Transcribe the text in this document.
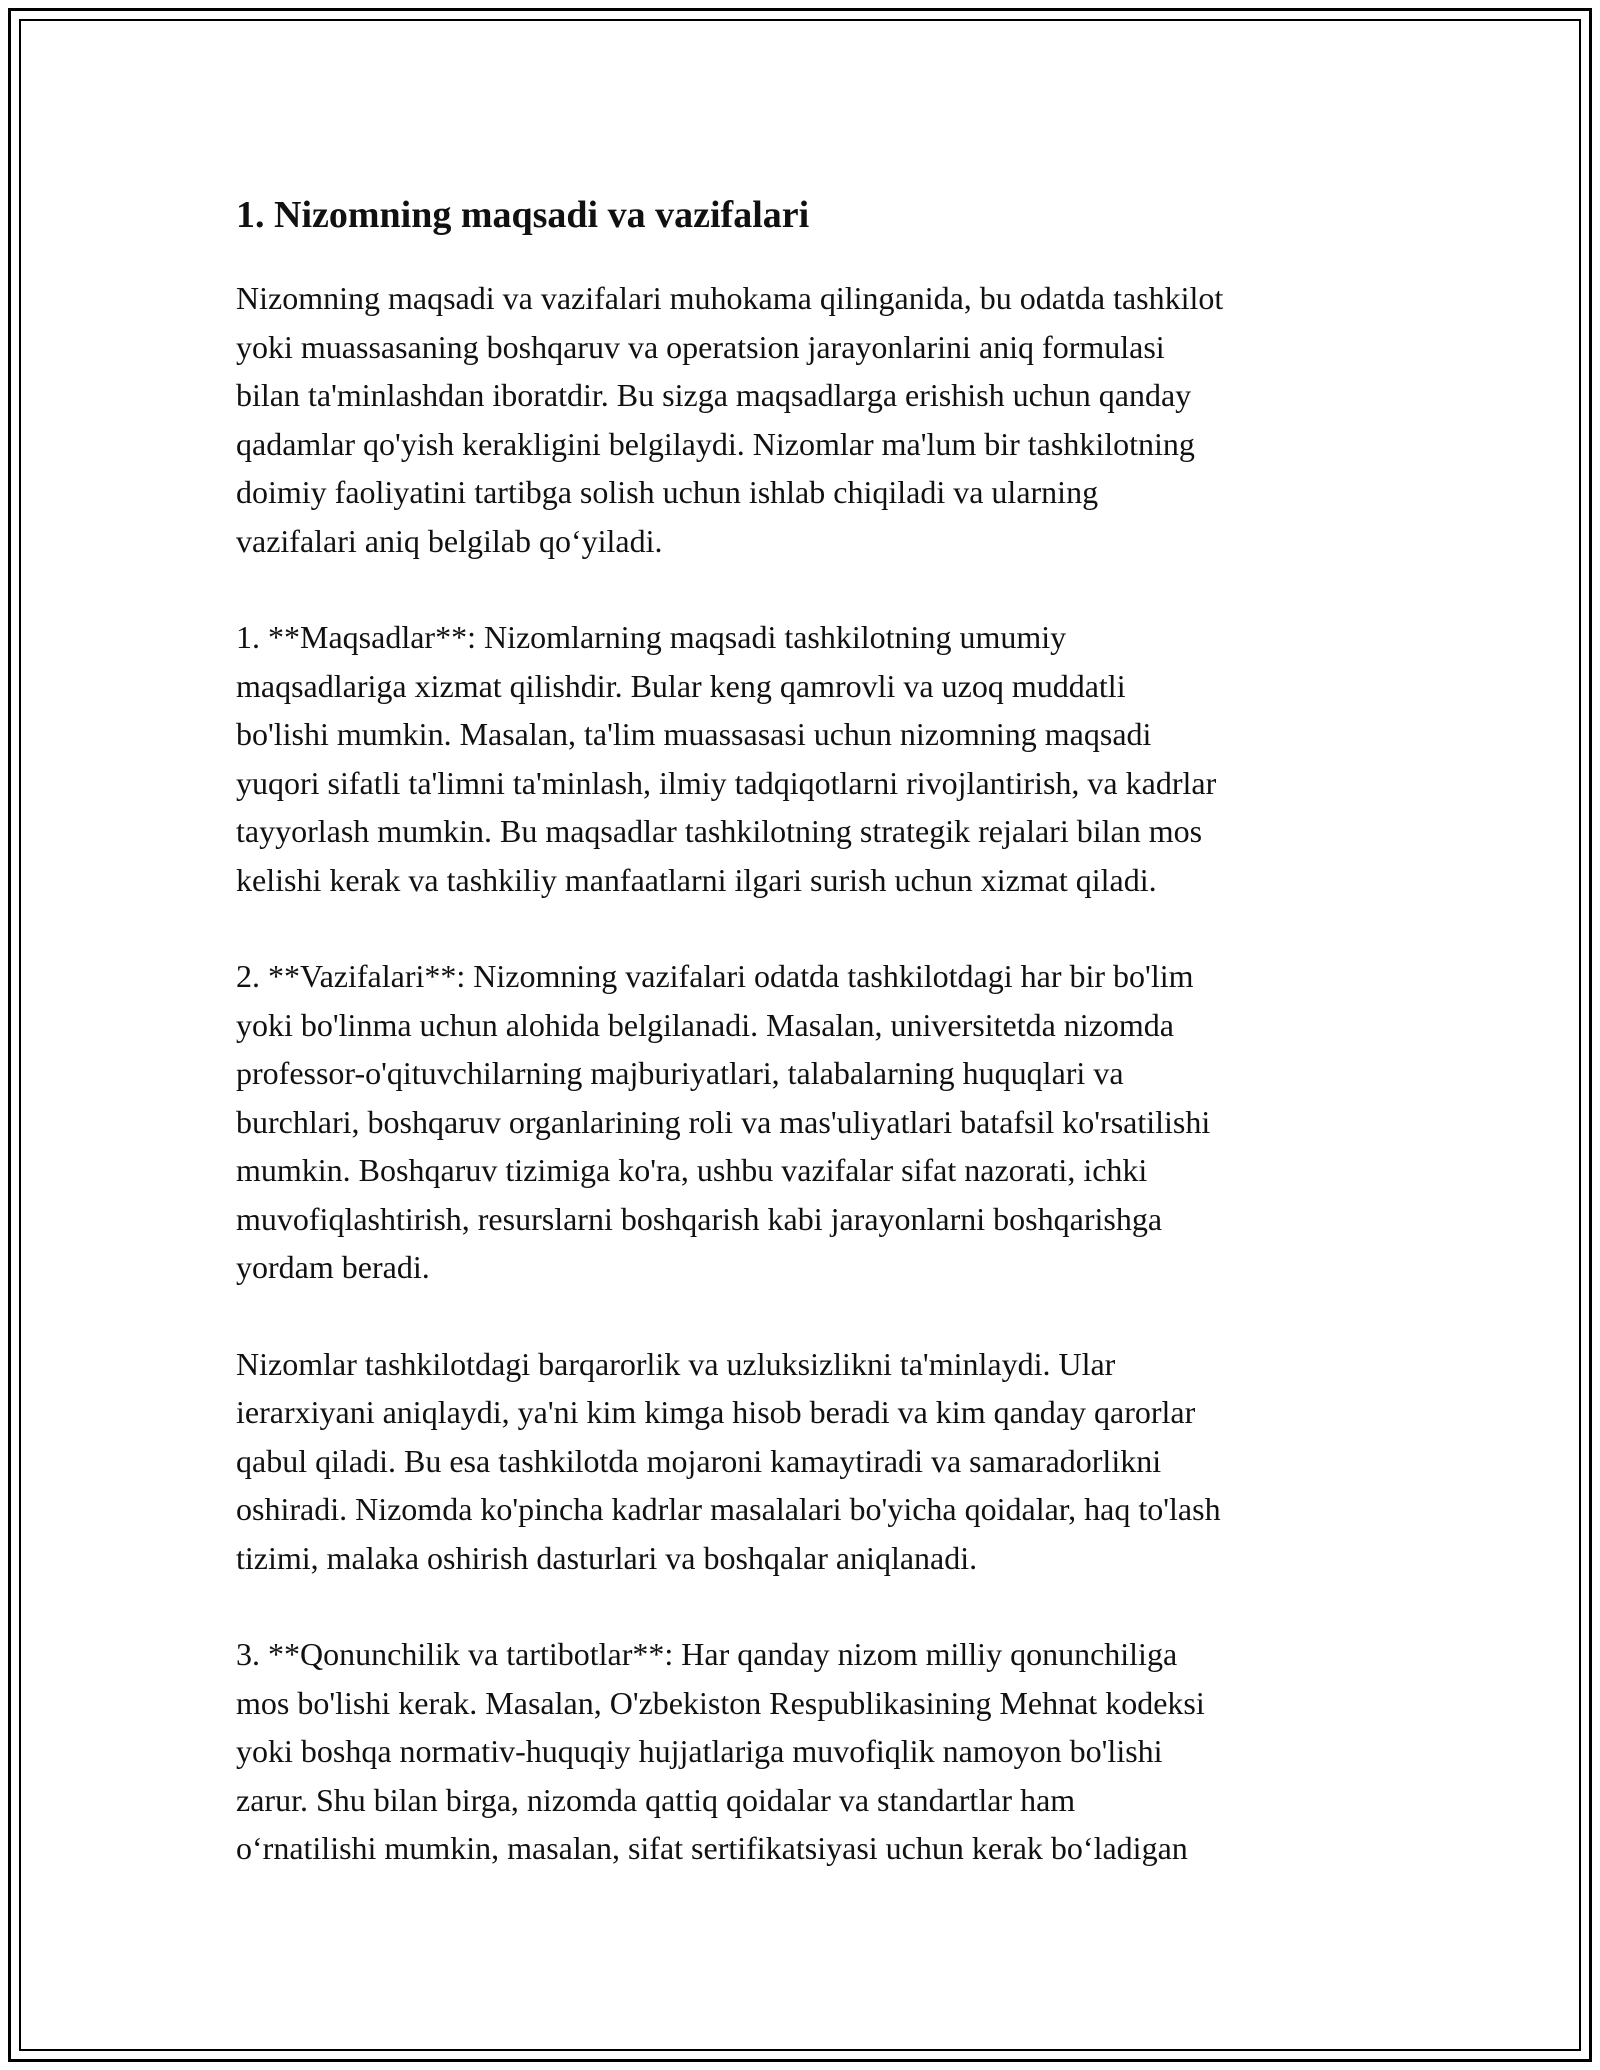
1. Nizomning maqsadi va vazifalari

Nizomning maqsadi va vazifalari muhokama qilinganida, bu odatda tashkilot
yoki muassasaning boshqaruv va operatsion jarayonlarini aniq formulasi
bilan ta'minlashdan iboratdir. Bu sizga maqsadlarga erishish uchun qanday
qadamlar qo'yish kerakligini belgilaydi. Nizomlar ma'lum bir tashkilotning
doimiy faoliyatini tartibga solish uchun ishlab chiqiladi va ularning
vazifalari aniq belgilab qo‘yiladi.

1. **Maqsadlar**: Nizomlarning maqsadi tashkilotning umumiy
maqsadlariga xizmat qilishdir. Bular keng qamrovli va uzoq muddatli
bo'lishi mumkin. Masalan, ta'lim muassasasi uchun nizomning maqsadi
yuqori sifatli ta'limni ta'minlash, ilmiy tadqiqotlarni rivojlantirish, va kadrlar
tayyorlash mumkin. Bu maqsadlar tashkilotning strategik rejalari bilan mos
kelishi kerak va tashkiliy manfaatlarni ilgari surish uchun xizmat qiladi.

2. **Vazifalari**: Nizomning vazifalari odatda tashkilotdagi har bir bo'lim
yoki bo'linma uchun alohida belgilanadi. Masalan, universitetda nizomda
professor-o'qituvchilarning majburiyatlari, talabalarning huquqlari va
burchlari, boshqaruv organlarining roli va mas'uliyatlari batafsil ko'rsatilishi
mumkin. Boshqaruv tizimiga ko'ra, ushbu vazifalar sifat nazorati, ichki
muvofiqlashtirish, resurslarni boshqarish kabi jarayonlarni boshqarishga
yordam beradi.

Nizomlar tashkilotdagi barqarorlik va uzluksizlikni ta'minlaydi. Ular
ierarxiyani aniqlaydi, ya'ni kim kimga hisob beradi va kim qanday qarorlar
qabul qiladi. Bu esa tashkilotda mojaroni kamaytiradi va samaradorlikni
oshiradi. Nizomda ko'pincha kadrlar masalalari bo'yicha qoidalar, haq to'lash
tizimi, malaka oshirish dasturlari va boshqalar aniqlanadi.

3. **Qonunchilik va tartibotlar**: Har qanday nizom milliy qonunchiliga
mos bo'lishi kerak. Masalan, O'zbekiston Respublikasining Mehnat kodeksi
yoki boshqa normativ-huquqiy hujjatlariga muvofiqlik namoyon bo'lishi
zarur. Shu bilan birga, nizomda qattiq qoidalar va standartlar ham
o‘rnatilishi mumkin, masalan, sifat sertifikatsiyasi uchun kerak bo‘ladigan
